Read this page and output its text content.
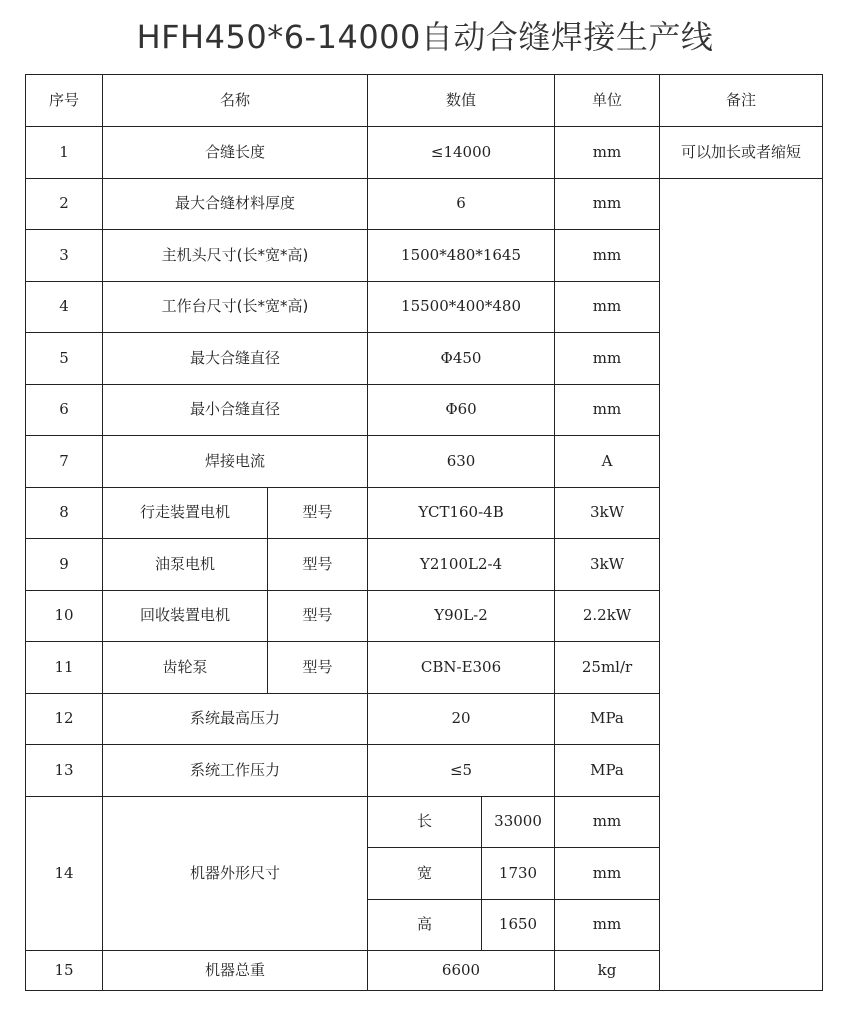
HFH450*6-14000自动合缝焊接生产线
序号	名称		数值		单位	备注
1	合缝长度		≤14000		mm	可以加长或者缩短
2	最大合缝材料厚度		6		mm	
3	主机头尺寸(长*宽*高)		1500*480*1645		mm	
4	工作台尺寸(长*宽*高)		15500*400*480		mm	
5	最大合缝直径		Φ450		mm	
6	最小合缝直径		Φ60		mm	
7	焊接电流		630		A	
8	行走装置电机	型号	YCT160-4B		3kW	
9	油泵电机	型号	Y2100L2-4		3kW	
10	回收装置电机	型号	Y90L-2		2.2kW	
11	齿轮泵	型号	CBN-E306		25ml/r	
12	系统最高压力		20		MPa	
13	系统工作压力		≤5		MPa	
14	机器外形尺寸		长	33000	mm	
			宽	1730	mm	
			高	1650	mm	
15	机器总重		6600		kg	
